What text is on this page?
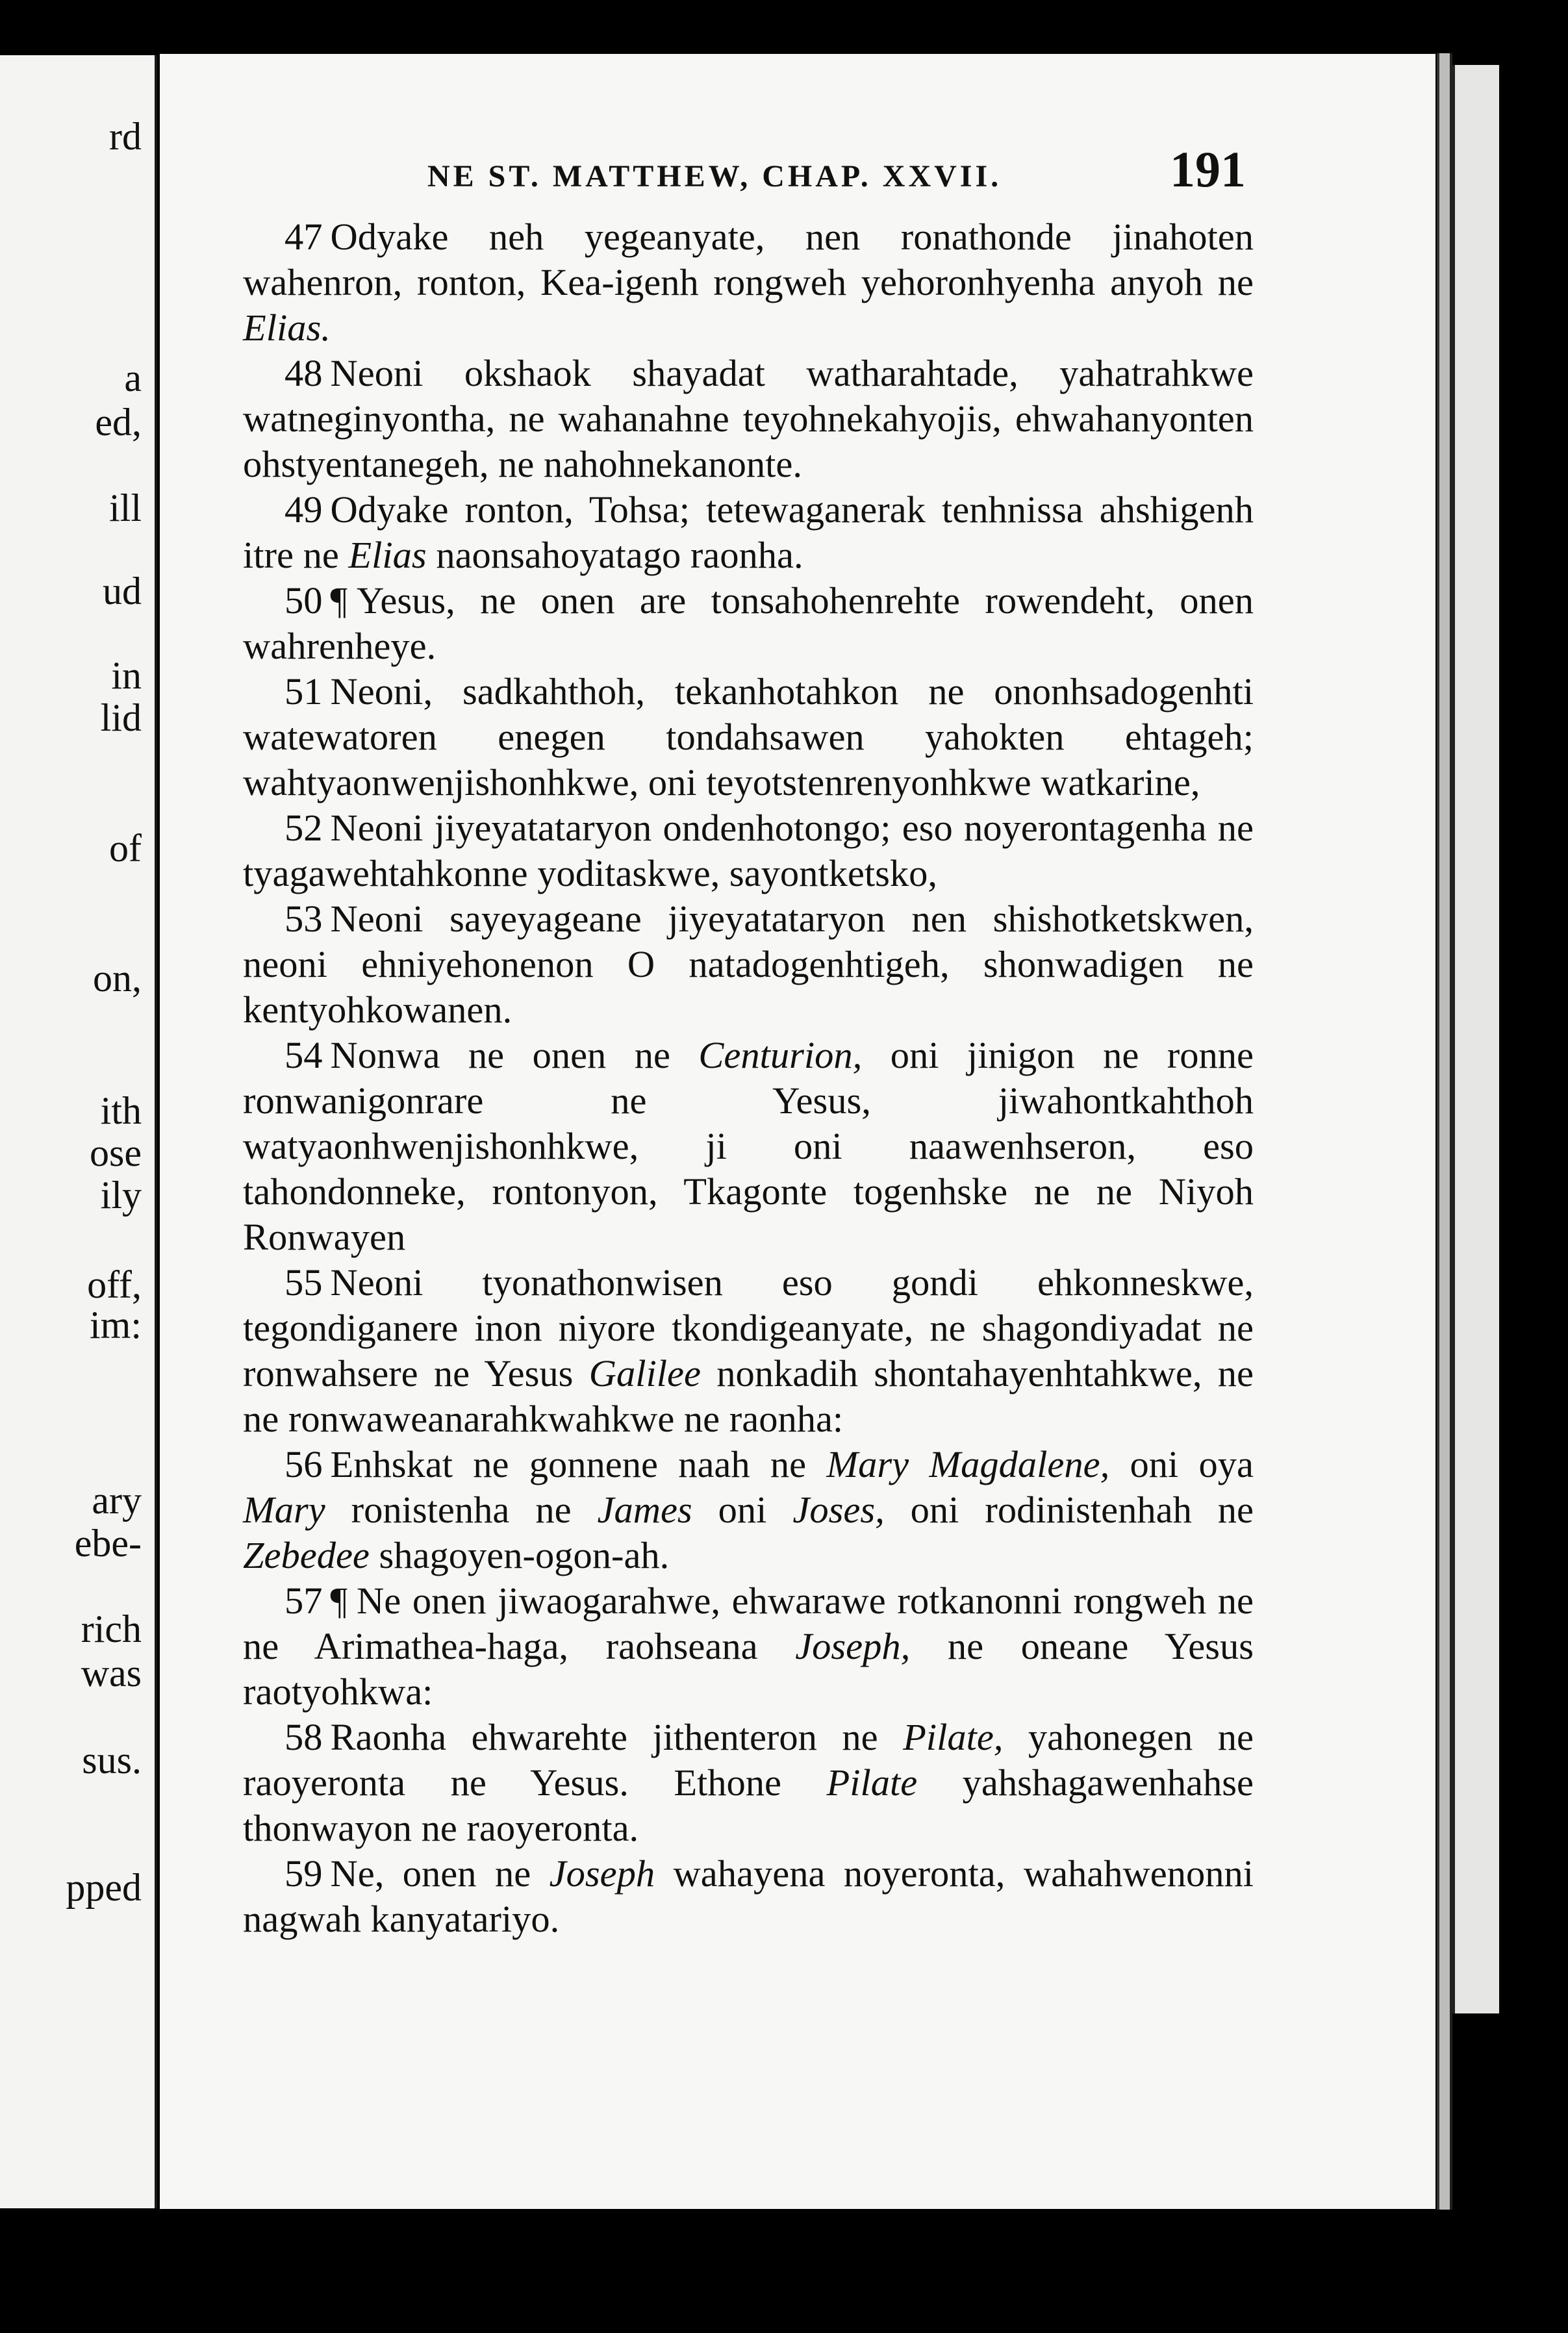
rd
a
ed,
ill
ud
in
lid
of
on,
ith
ose
ily
off,
im:
ary
ebe-
rich
was
sus.
pped
NE ST. MATTHEW, CHAP. XXVII.	191

47 Odyake neh yegeanyate, nen ronathonde jinahoten wahenron, ronton, Kea-igenh rongweh yehoronhyenha anyoh ne Elias.

48 Neoni okshaok shayadat watharahtade, yahatrahkwe watneginyontha, ne wahanahne teyohnekahyojis, ehwahanyonten ohstyentanegeh, ne nahohnekanonte.

49 Odyake ronton, Tohsa; tetewaganerak tenhnissa ahshigenh itre ne Elias naonsahoyatago raonha.

50 ¶ Yesus, ne onen are tonsahohenrehte rowendeht, onen wahrenheye.

51 Neoni, sadkahthoh, tekanhotahkon ne ononhsadogenhti watewatoren enegen tondahsawen yahokten ehtageh; wahtyaonwenjishonhkwe, oni teyotstenrenyonhkwe watkarine,

52 Neoni jiyeyatataryon ondenhotongo; eso noyerontagenha ne tyagawehtahkonne yoditaskwe, sayontketsko,

53 Neoni sayeyageane jiyeyatataryon nen shishotketskwen, neoni ehniyehonenon O natadogenhtigeh, shonwadigen ne kentyohkowanen.

54 Nonwa ne onen ne Centurion, oni jinigon ne ronne ronwanigonrare ne Yesus, jiwahontkahthoh watyaonhwenjishonhkwe, ji oni naawenhseron, eso tahondonneke, rontonyon, Tkagonte togenhske ne ne Niyoh Ronwayen

55 Neoni tyonathonwisen eso gondi ehkonneskwe, tegondiganere inon niyore tkondigeanyate, ne shagondiyadat ne ronwahsere ne Yesus Galilee nonkadih shontahayenhtahkwe, ne ne ronwaweanarahkwahkwe ne raonha:

56 Enhskat ne gonnene naah ne Mary Magdalene, oni oya Mary ronistenha ne James oni Joses, oni rodinistenhah ne Zebedee shagoyen-ogon-ah.

57 ¶ Ne onen jiwaogarahwe, ehwarawe rotkanonni rongweh ne ne Arimathea-haga, raohseana Joseph, ne oneane Yesus raotyohkwa:

58 Raonha ehwarehte jithenteron ne Pilate, yahonegen ne raoyeronta ne Yesus. Ethone Pilate yahshagawenhahse thonwayon ne raoyeronta.

59 Ne, onen ne Joseph wahayena noyeronta, wahahwenonni nagwah kanyatariyo.
